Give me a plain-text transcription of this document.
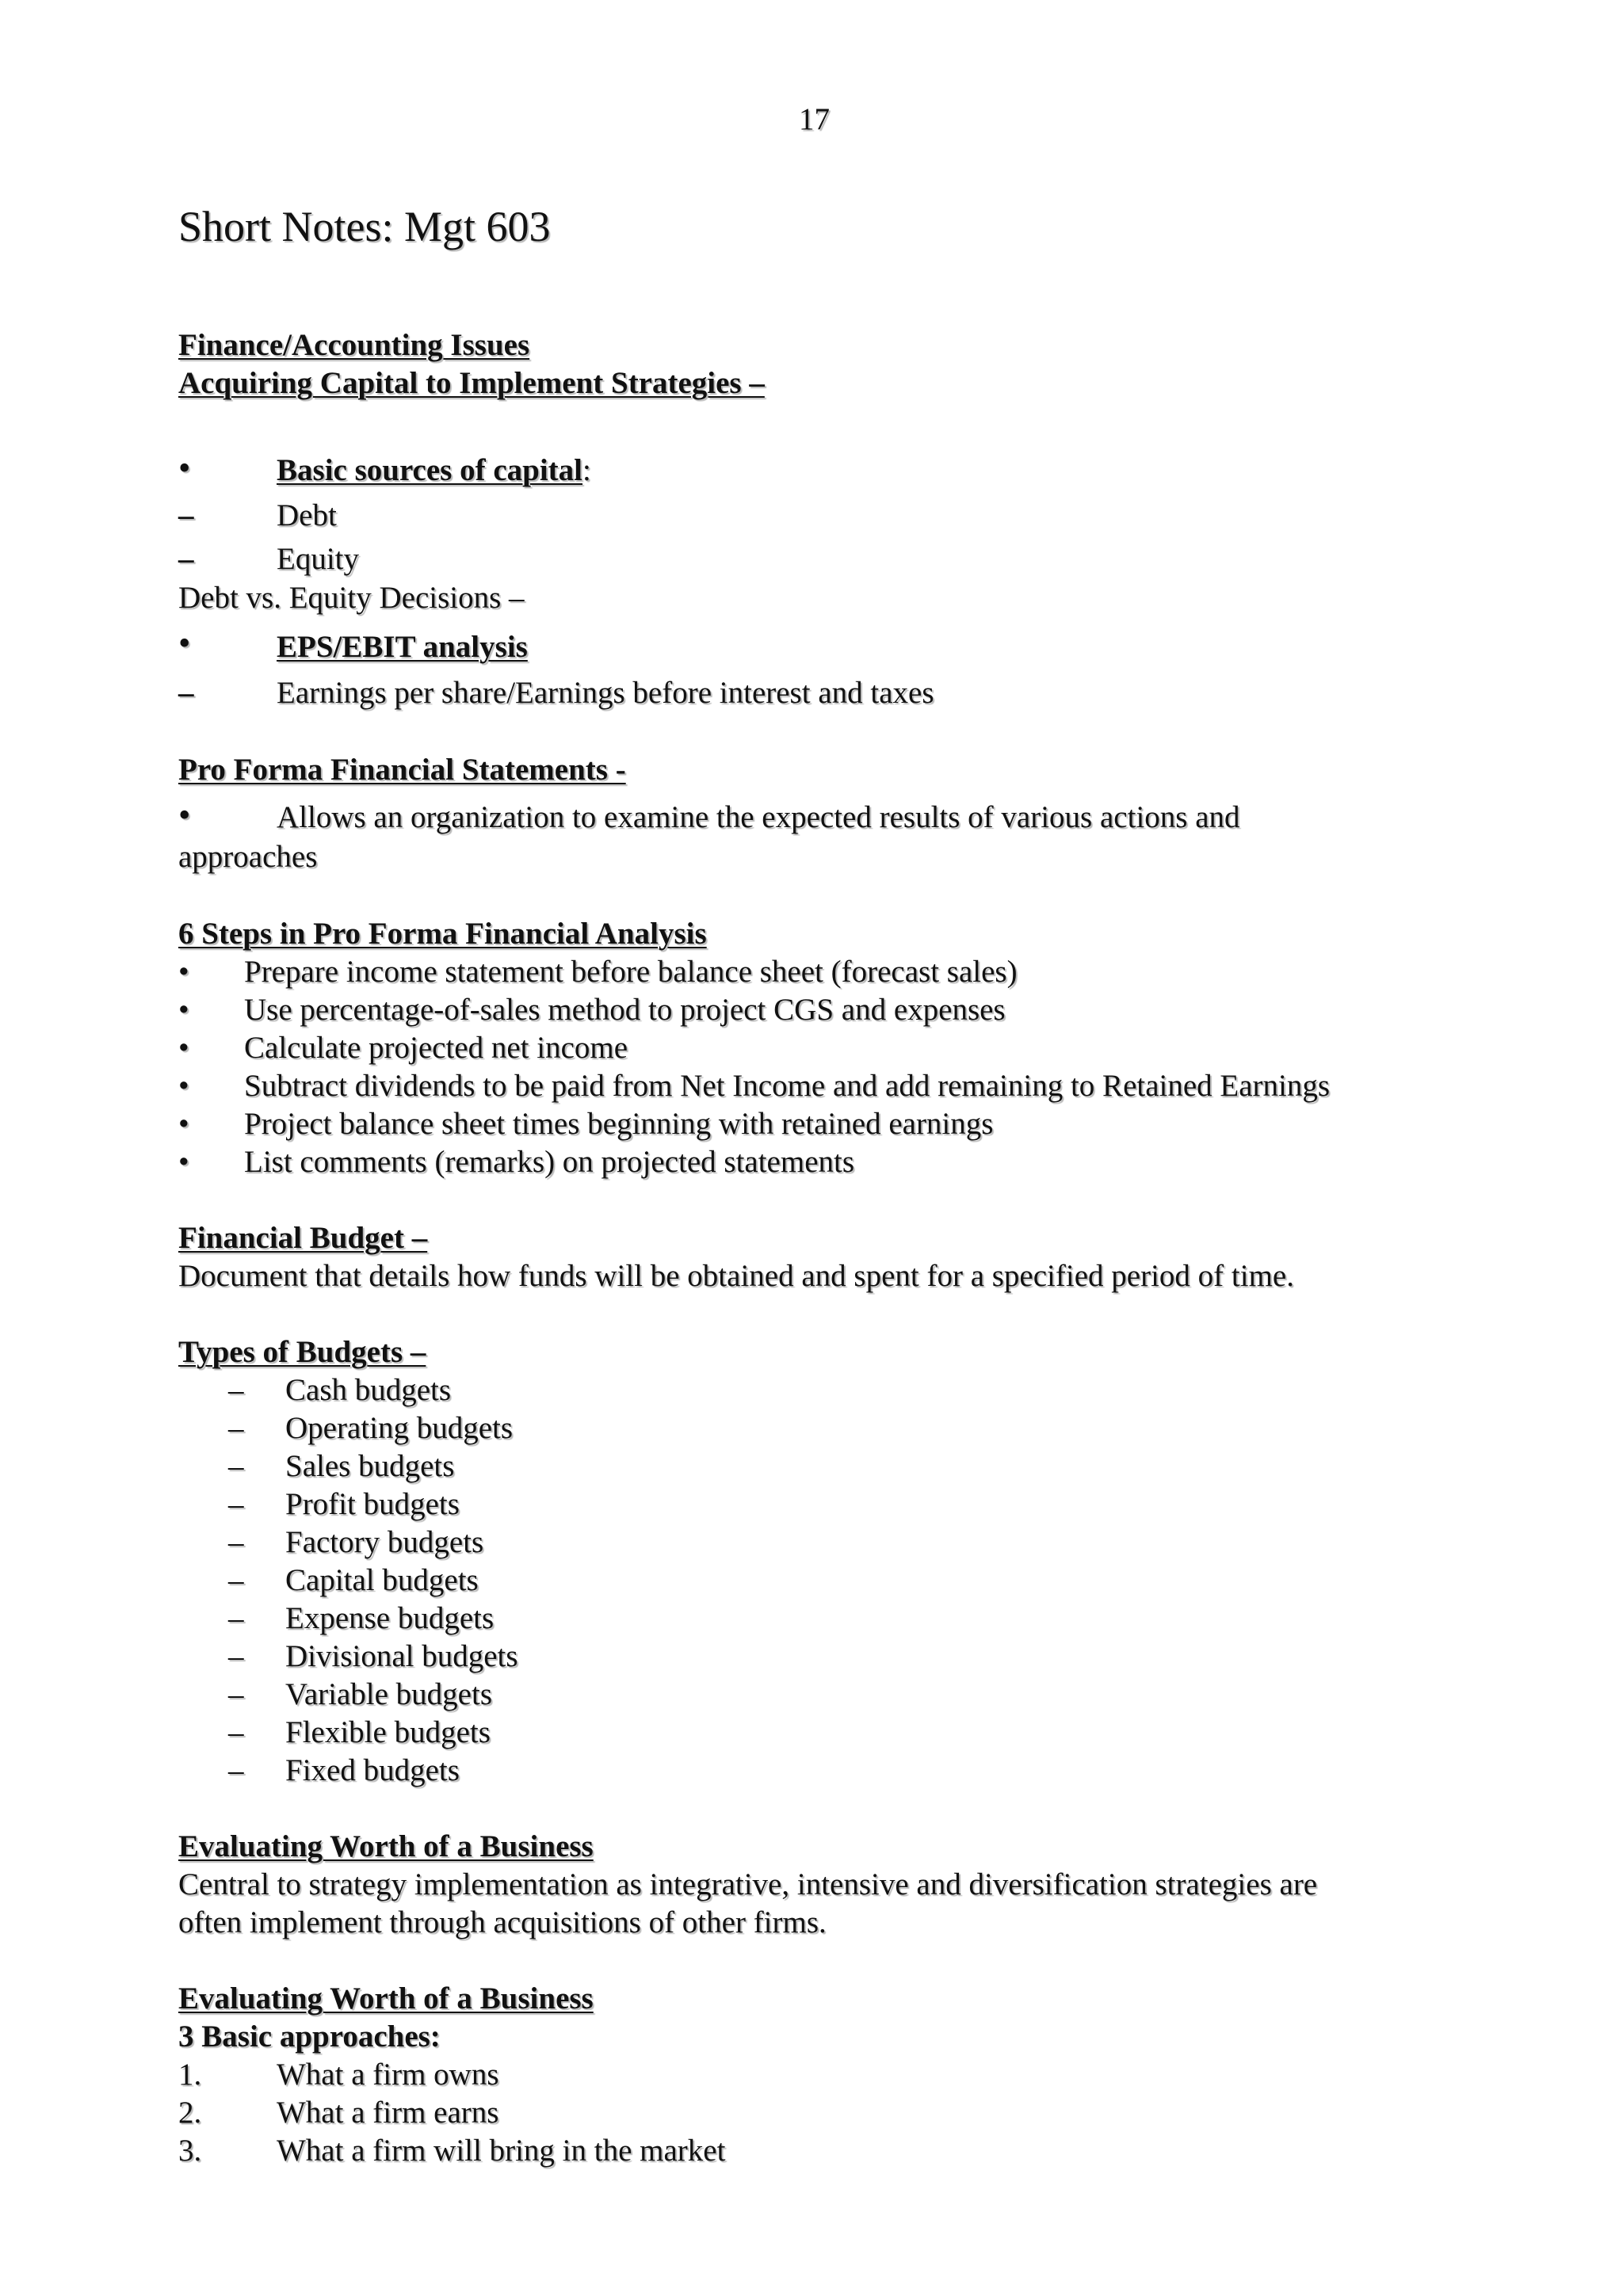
17
Short Notes: Mgt 603
Finance/Accounting Issues
Acquiring Capital to Implement Strategies –
•	Basic sources of capital:
–	Debt
–	Equity
Debt vs. Equity Decisions –
•	EPS/EBIT analysis
–	Earnings per share/Earnings before interest and taxes
Pro Forma Financial Statements -
•	Allows an organization to examine the expected results of various actions and
approaches
6 Steps in Pro Forma Financial Analysis
• Prepare income statement before balance sheet (forecast sales)
• Use percentage-of-sales method to project CGS and expenses
• Calculate projected net income
• Subtract dividends to be paid from Net Income and add remaining to Retained Earnings
• Project balance sheet times beginning with retained earnings
• List comments (remarks) on projected statements
Financial Budget –
Document that details how funds will be obtained and spent for a specified period of time.
Types of Budgets –
– Cash budgets
– Operating budgets
– Sales budgets
– Profit budgets
– Factory budgets
– Capital budgets
– Expense budgets
– Divisional budgets
– Variable budgets
– Flexible budgets
– Fixed budgets
Evaluating Worth of a Business
Central to strategy implementation as integrative, intensive and diversification strategies are
often implement through acquisitions of other firms.
Evaluating Worth of a Business
3 Basic approaches:
1. What a firm owns
2. What a firm earns
3. What a firm will bring in the market
